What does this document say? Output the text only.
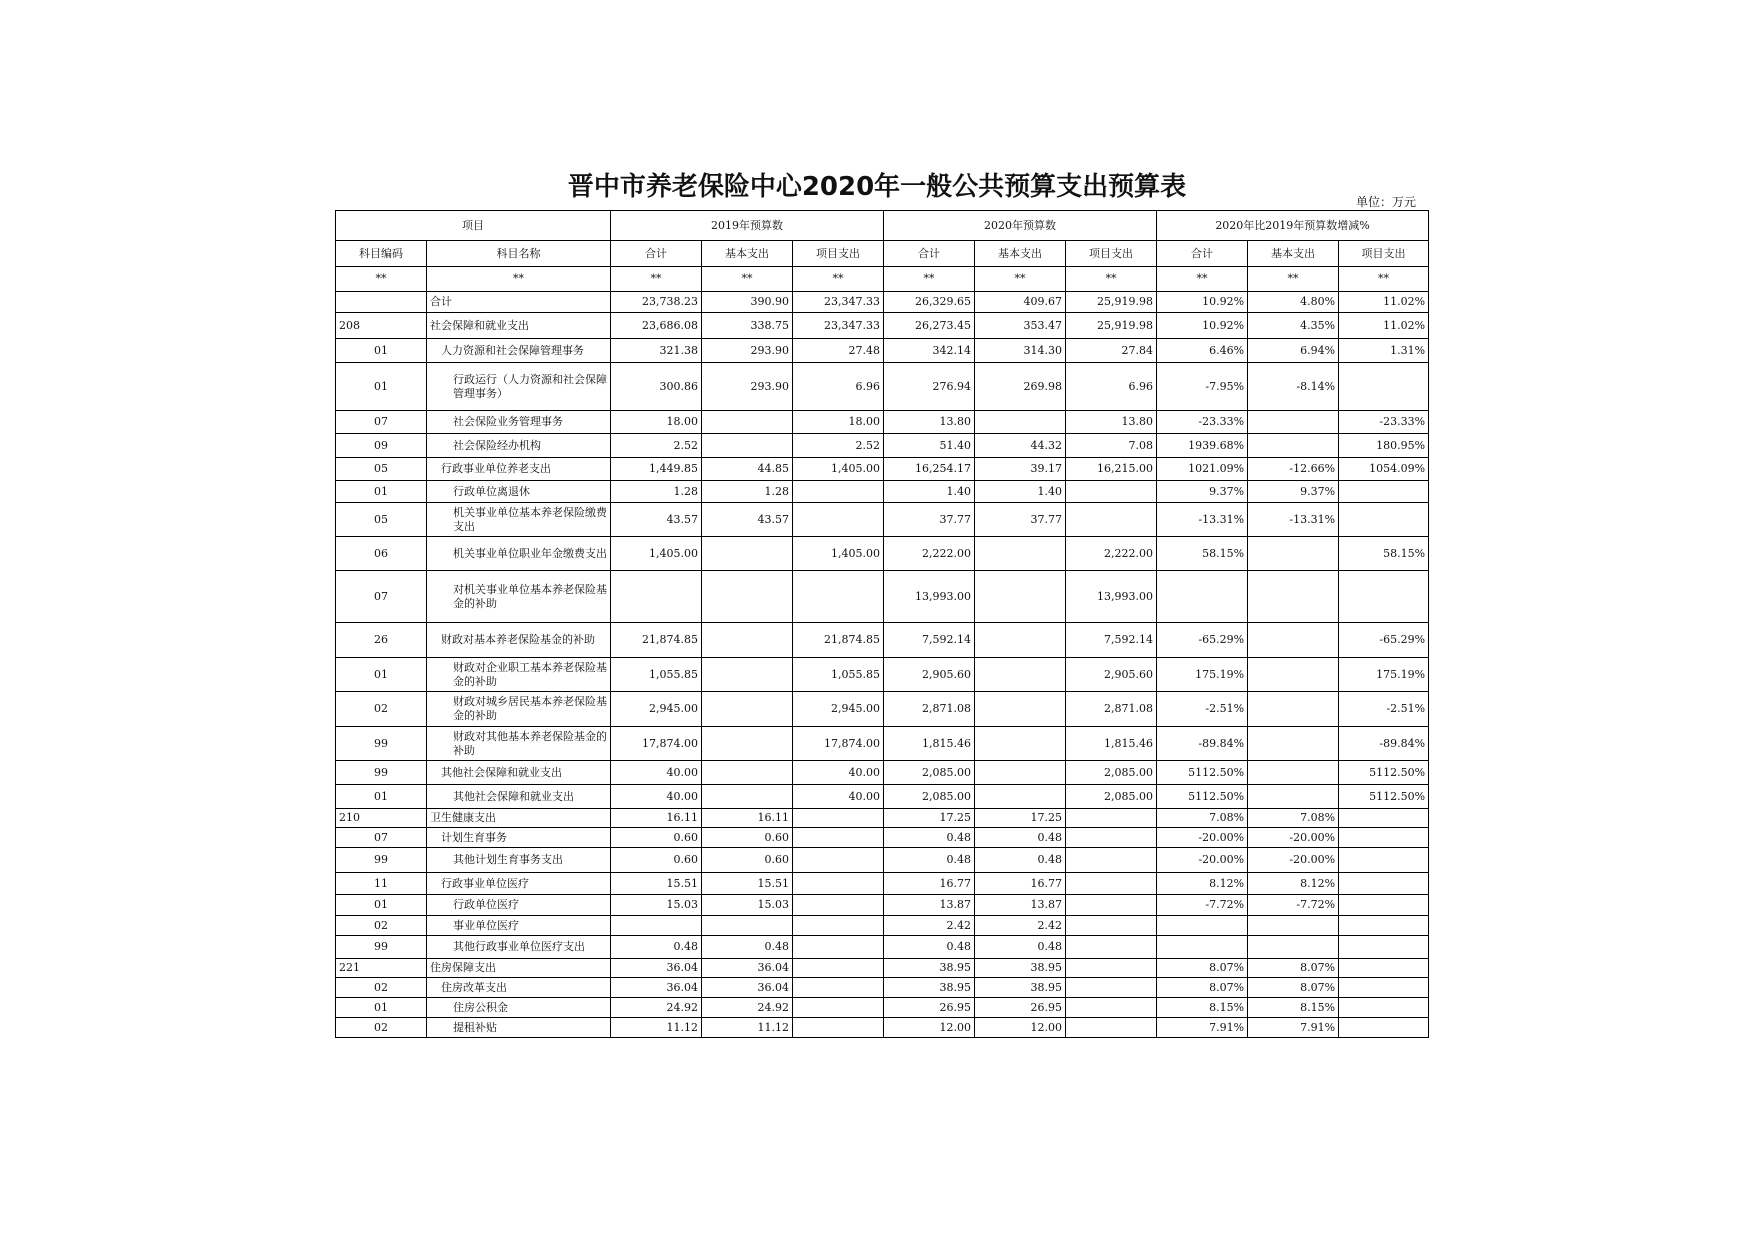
晋中市养老保险中心2020年一般公共预算支出预算表	单位：万元
项目		2019年预算数			2020年预算数			2020年比2019年预算数增减%		
科目编码	科目名称	合计	基本支出	项目支出	合计	基本支出	项目支出	合计	基本支出	项目支出
**	**	**	**	**	**	**	**	**	**	**
	合计	23,738.23	390.90	23,347.33	26,329.65	409.67	25,919.98	10.92%	4.80%	11.02%
208	社会保障和就业支出	23,686.08	338.75	23,347.33	26,273.45	353.47	25,919.98	10.92%	4.35%	11.02%
01	人力资源和社会保障管理事务	321.38	293.90	27.48	342.14	314.30	27.84	6.46%	6.94%	1.31%
01	行政运行（人力资源和社会保障管理事务）	300.86	293.90	6.96	276.94	269.98	6.96	-7.95%	-8.14%	
07	社会保险业务管理事务	18.00		18.00	13.80		13.80	-23.33%		-23.33%
09	社会保险经办机构	2.52		2.52	51.40	44.32	7.08	1939.68%		180.95%
05	行政事业单位养老支出	1,449.85	44.85	1,405.00	16,254.17	39.17	16,215.00	1021.09%	-12.66%	1054.09%
01	行政单位离退休	1.28	1.28		1.40	1.40		9.37%	9.37%	
05	机关事业单位基本养老保险缴费支出	43.57	43.57		37.77	37.77		-13.31%	-13.31%	
06	机关事业单位职业年金缴费支出	1,405.00		1,405.00	2,222.00		2,222.00	58.15%		58.15%
07	对机关事业单位基本养老保险基金的补助				13,993.00		13,993.00			
26	财政对基本养老保险基金的补助	21,874.85		21,874.85	7,592.14		7,592.14	-65.29%		-65.29%
01	财政对企业职工基本养老保险基金的补助	1,055.85		1,055.85	2,905.60		2,905.60	175.19%		175.19%
02	财政对城乡居民基本养老保险基金的补助	2,945.00		2,945.00	2,871.08		2,871.08	-2.51%		-2.51%
99	财政对其他基本养老保险基金的补助	17,874.00		17,874.00	1,815.46		1,815.46	-89.84%		-89.84%
99	其他社会保障和就业支出	40.00		40.00	2,085.00		2,085.00	5112.50%		5112.50%
01	其他社会保障和就业支出	40.00		40.00	2,085.00		2,085.00	5112.50%		5112.50%
210	卫生健康支出	16.11	16.11		17.25	17.25		7.08%	7.08%	
07	计划生育事务	0.60	0.60		0.48	0.48		-20.00%	-20.00%	
99	其他计划生育事务支出	0.60	0.60		0.48	0.48		-20.00%	-20.00%	
11	行政事业单位医疗	15.51	15.51		16.77	16.77		8.12%	8.12%	
01	行政单位医疗	15.03	15.03		13.87	13.87		-7.72%	-7.72%	
02	事业单位医疗				2.42	2.42				
99	其他行政事业单位医疗支出	0.48	0.48		0.48	0.48				
221	住房保障支出	36.04	36.04		38.95	38.95		8.07%	8.07%	
02	住房改革支出	36.04	36.04		38.95	38.95		8.07%	8.07%	
01	住房公积金	24.92	24.92		26.95	26.95		8.15%	8.15%	
02	提租补贴	11.12	11.12		12.00	12.00		7.91%	7.91%	
